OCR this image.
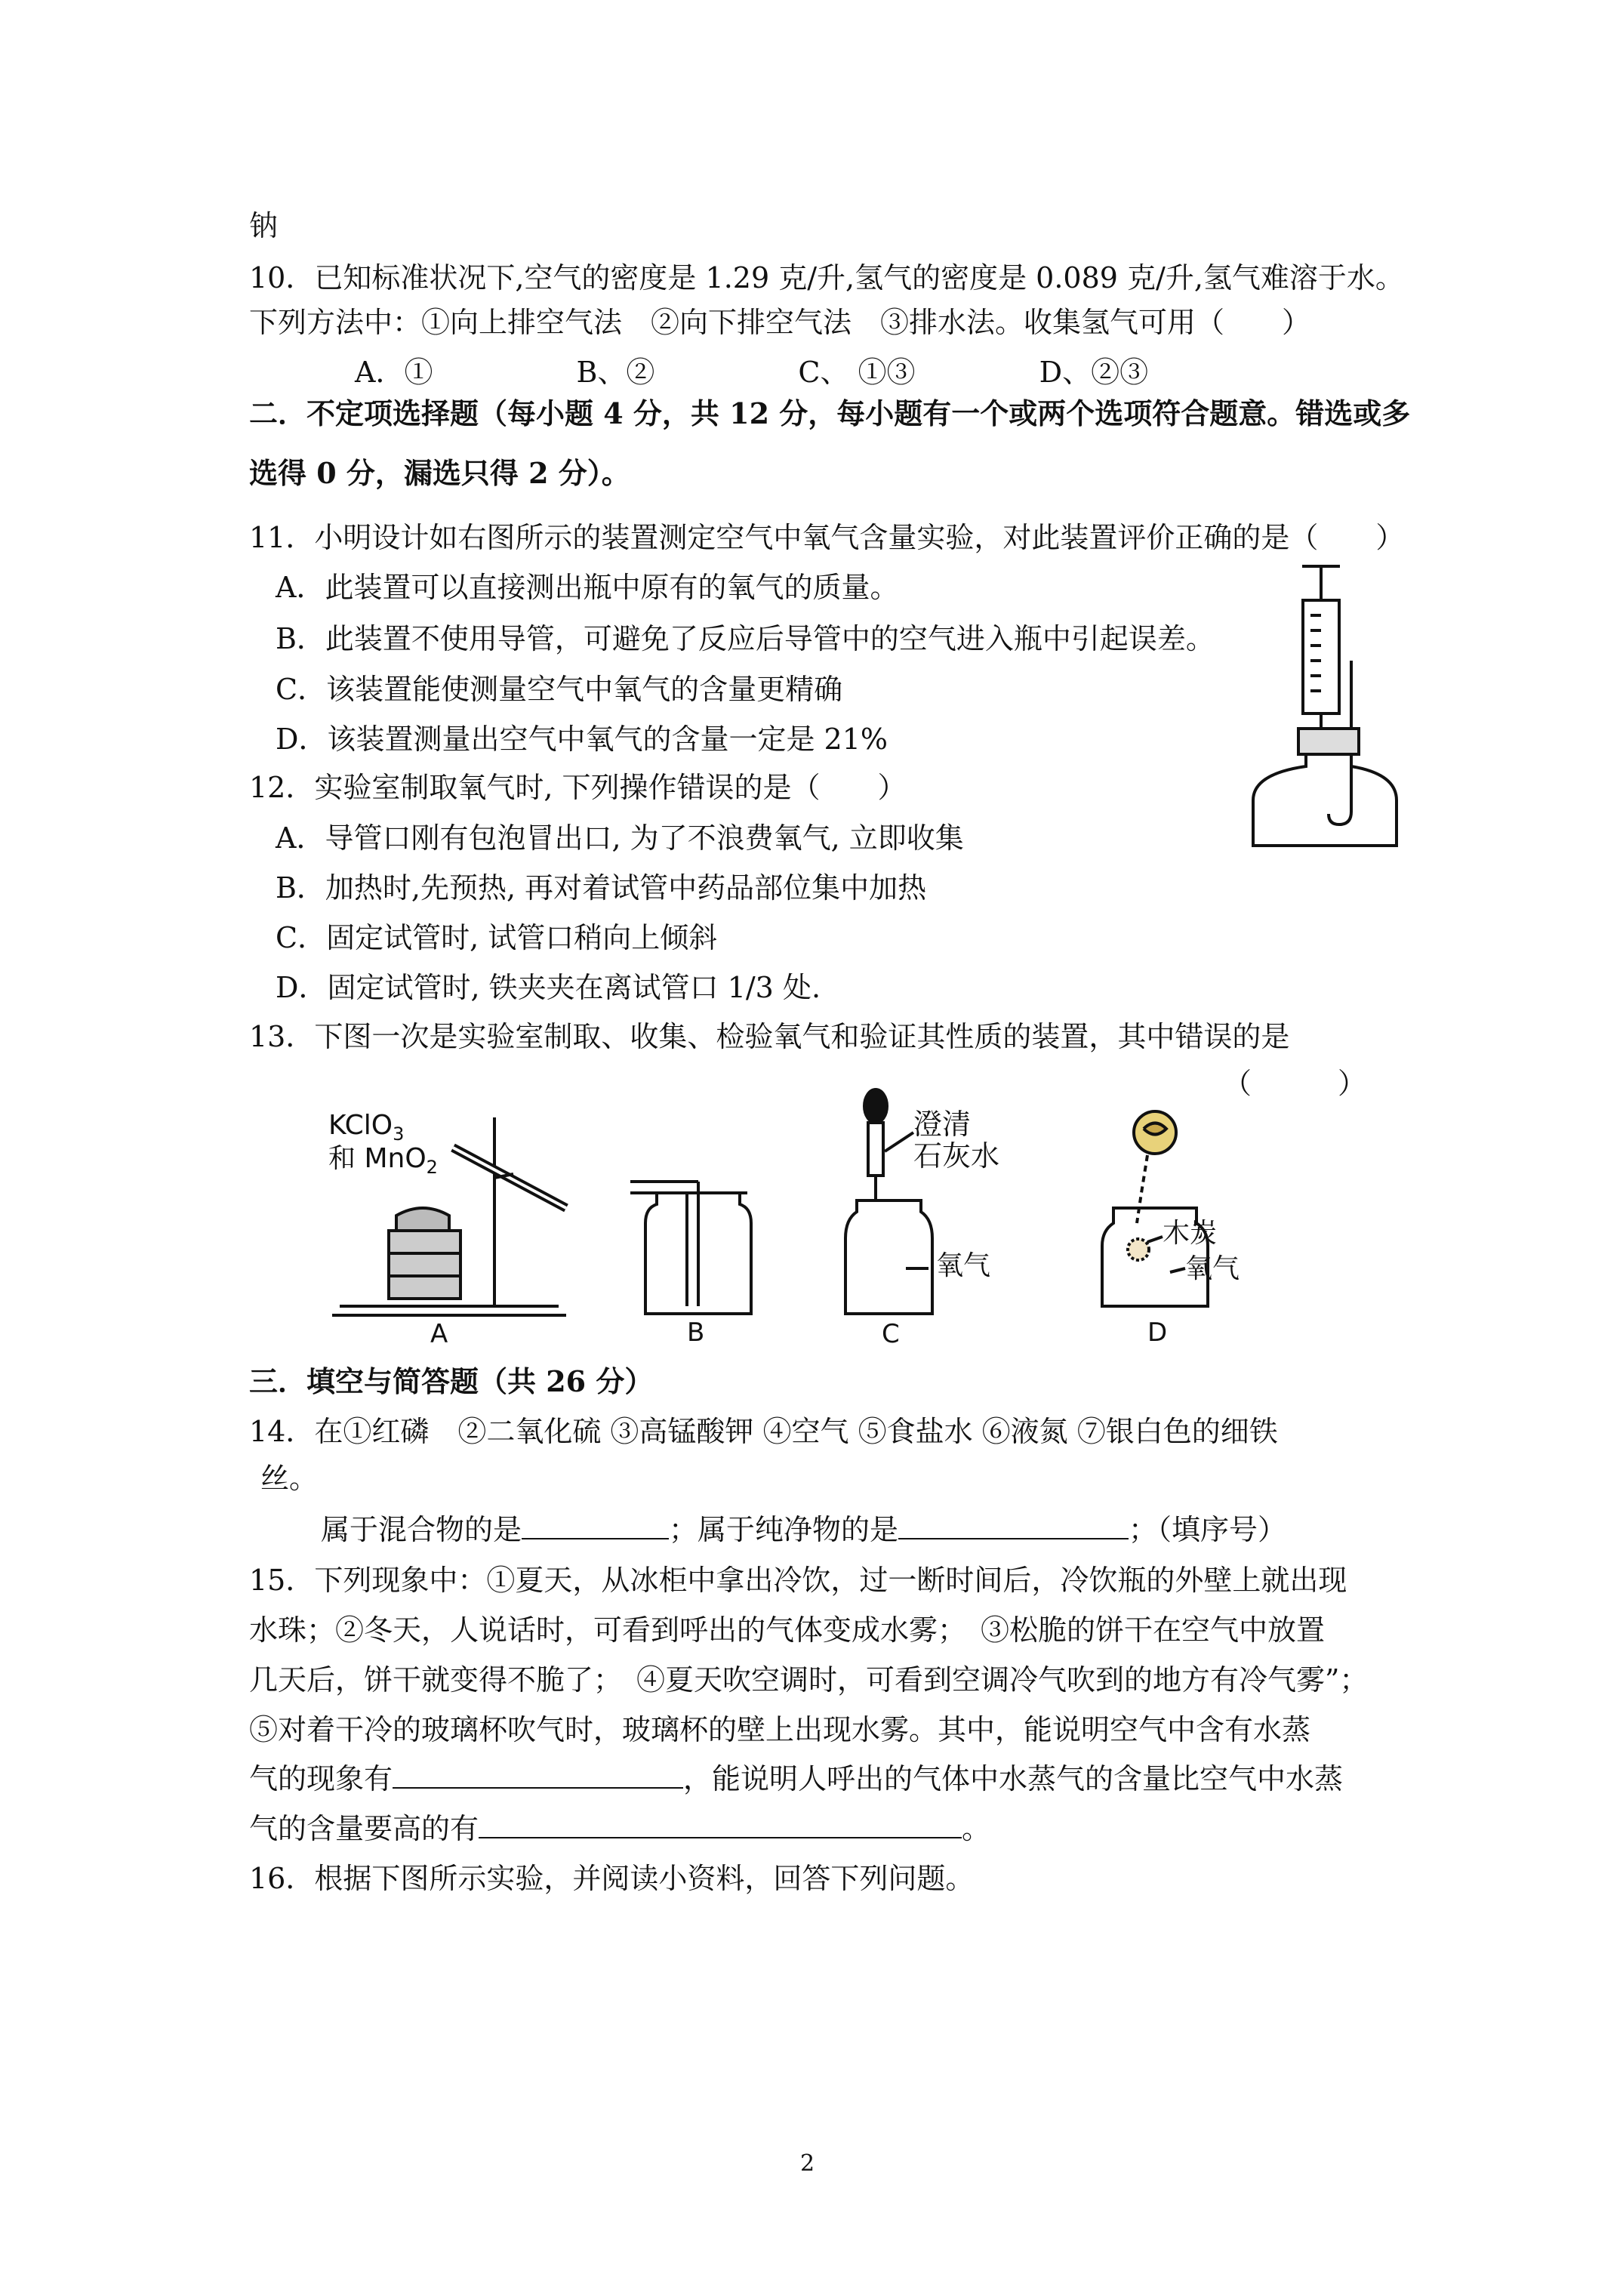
钠
10．已知标准状况下,空气的密度是 1.29 克/升,氢气的密度是 0.089 克/升,氢气难溶于水。
下列方法中：①向上排空气法　②向下排空气法　③排水法。收集氢气可用（　　）
A．①　　　　　B、②　　　　　C、 ①③　　　　 D、②③
二．不定项选择题（每小题 4 分，共 12 分，每小题有一个或两个选项符合题意。错选或多
选得 0 分，漏选只得 2 分）。
11．小明设计如右图所示的装置测定空气中氧气含量实验，对此装置评价正确的是（　　）
A．此装置可以直接测出瓶中原有的氧气的质量。
B．此装置不使用导管，可避免了反应后导管中的空气进入瓶中引起误差。
C．该装置能使测量空气中氧气的含量更精确
D．该装置测量出空气中氧气的含量一定是 21%
12．实验室制取氧气时, 下列操作错误的是（　　）
A．导管口刚有包泡冒出口, 为了不浪费氧气, 立即收集
B．加热时,先预热, 再对着试管中药品部位集中加热
C．固定试管时, 试管口稍向上倾斜
D．固定试管时, 铁夹夹在离试管口 1/3 处.
13．下图一次是实验室制取、收集、检验氧气和验证其性质的装置，其中错误的是
（　　　）
三．填空与简答题（共 26 分）
14．在①红磷　②二氧化硫 ③高锰酸钾 ④空气 ⑤食盐水 ⑥液氮 ⑦银白色的细铁
丝。
属于混合物的是	；属于纯净物的是	；（填序号）
15．下列现象中：①夏天，从冰柜中拿出冷饮，过一断时间后，冷饮瓶的外壁上就出现
水珠；②冬天，人说话时，可看到呼出的气体变成水雾；　③松脆的饼干在空气中放置
几天后，饼干就变得不脆了；　④夏天吹空调时，可看到空调冷气吹到的地方有冷气雾”；
⑤对着干冷的玻璃杯吹气时，玻璃杯的壁上出现水雾。其中，能说明空气中含有水蒸
气的现象有	，能说明人呼出的气体中水蒸气的含量比空气中水蒸
气的含量要高的有	。
16．根据下图所示实验，并阅读小资料，回答下列问题。
KClO$_3$
和 MnO$_2$
A	B
澄清
石灰水
氧气
C
木炭
氧气
D
2
